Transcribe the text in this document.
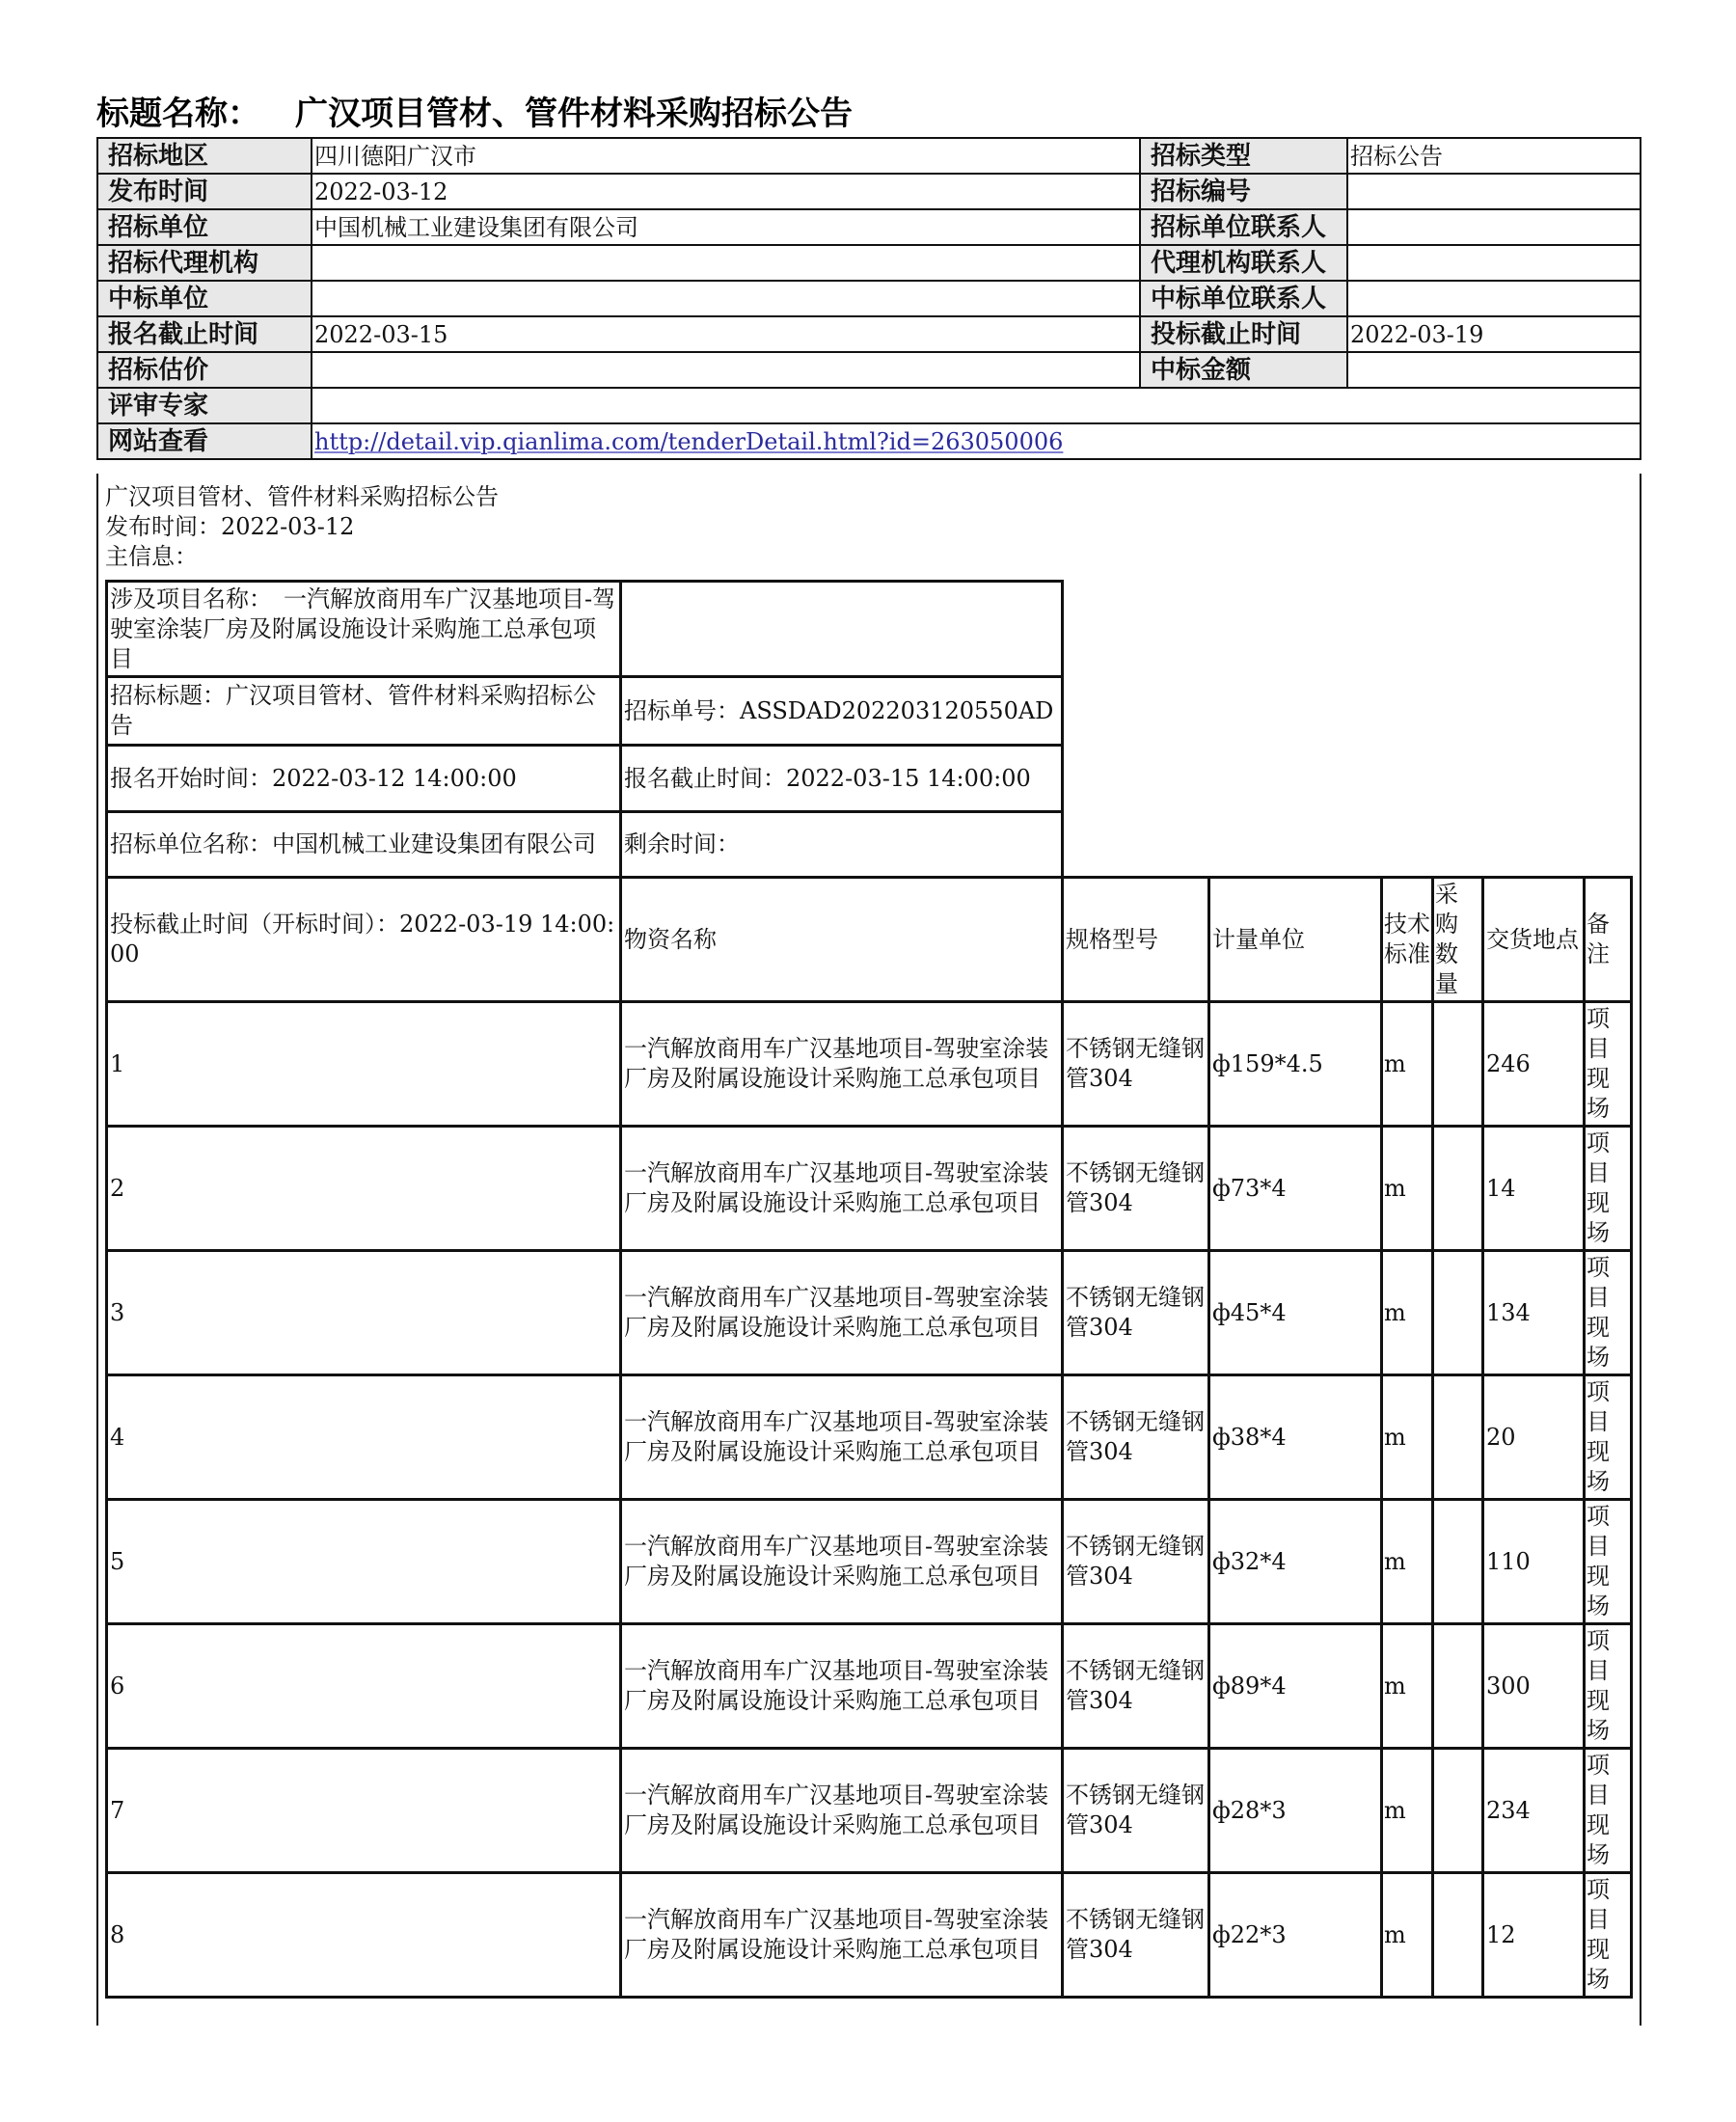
标题名称： 广汉项目管材、管件材料采购招标公告
招标地区	四川德阳广汉市	招标类型	招标公告
发布时间	2022-03-12	招标编号	
招标单位	中国机械工业建设集团有限公司	招标单位联系人	
招标代理机构		代理机构联系人	
中标单位		中标单位联系人	
报名截止时间	2022-03-15	投标截止时间	2022-03-19
招标估价		中标金额	
评审专家			
网站查看	http://detail.vip.qianlima.com/tenderDetail.html?id=263050006		
广汉项目管材、管件材料采购招标公告
发布时间：2022-03-12
主信息：
涉及项目名称：　一汽解放商用车广汉基地项目-驾驶室涂装厂房及附属设施设计采购施工总承包项目		
招标标题：广汉项目管材、管件材料采购招标公告	招标单号：ASSDAD202203120550AD	
报名开始时间：2022-03-12 14:00:00	报名截止时间：2022-03-15 14:00:00	
招标单位名称：中国机械工业建设集团有限公司	剩余时间：	
投标截止时间（开标时间）：2022-03-19 14:00:00	物资名称	规格型号	计量单位	技术标准	采购数量	交货地点	备注
1	一汽解放商用车广汉基地项目-驾驶室涂装厂房及附属设施设计采购施工总承包项目	不锈钢无缝钢管304	ф159*4.5	m		246	项目现场
2	一汽解放商用车广汉基地项目-驾驶室涂装厂房及附属设施设计采购施工总承包项目	不锈钢无缝钢管304	ф73*4	m		14	项目现场
3	一汽解放商用车广汉基地项目-驾驶室涂装厂房及附属设施设计采购施工总承包项目	不锈钢无缝钢管304	ф45*4	m		134	项目现场
4	一汽解放商用车广汉基地项目-驾驶室涂装厂房及附属设施设计采购施工总承包项目	不锈钢无缝钢管304	ф38*4	m		20	项目现场
5	一汽解放商用车广汉基地项目-驾驶室涂装厂房及附属设施设计采购施工总承包项目	不锈钢无缝钢管304	ф32*4	m		110	项目现场
6	一汽解放商用车广汉基地项目-驾驶室涂装厂房及附属设施设计采购施工总承包项目	不锈钢无缝钢管304	ф89*4	m		300	项目现场
7	一汽解放商用车广汉基地项目-驾驶室涂装厂房及附属设施设计采购施工总承包项目	不锈钢无缝钢管304	ф28*3	m		234	项目现场
8	一汽解放商用车广汉基地项目-驾驶室涂装厂房及附属设施设计采购施工总承包项目	不锈钢无缝钢管304	ф22*3	m		12	项目现场
